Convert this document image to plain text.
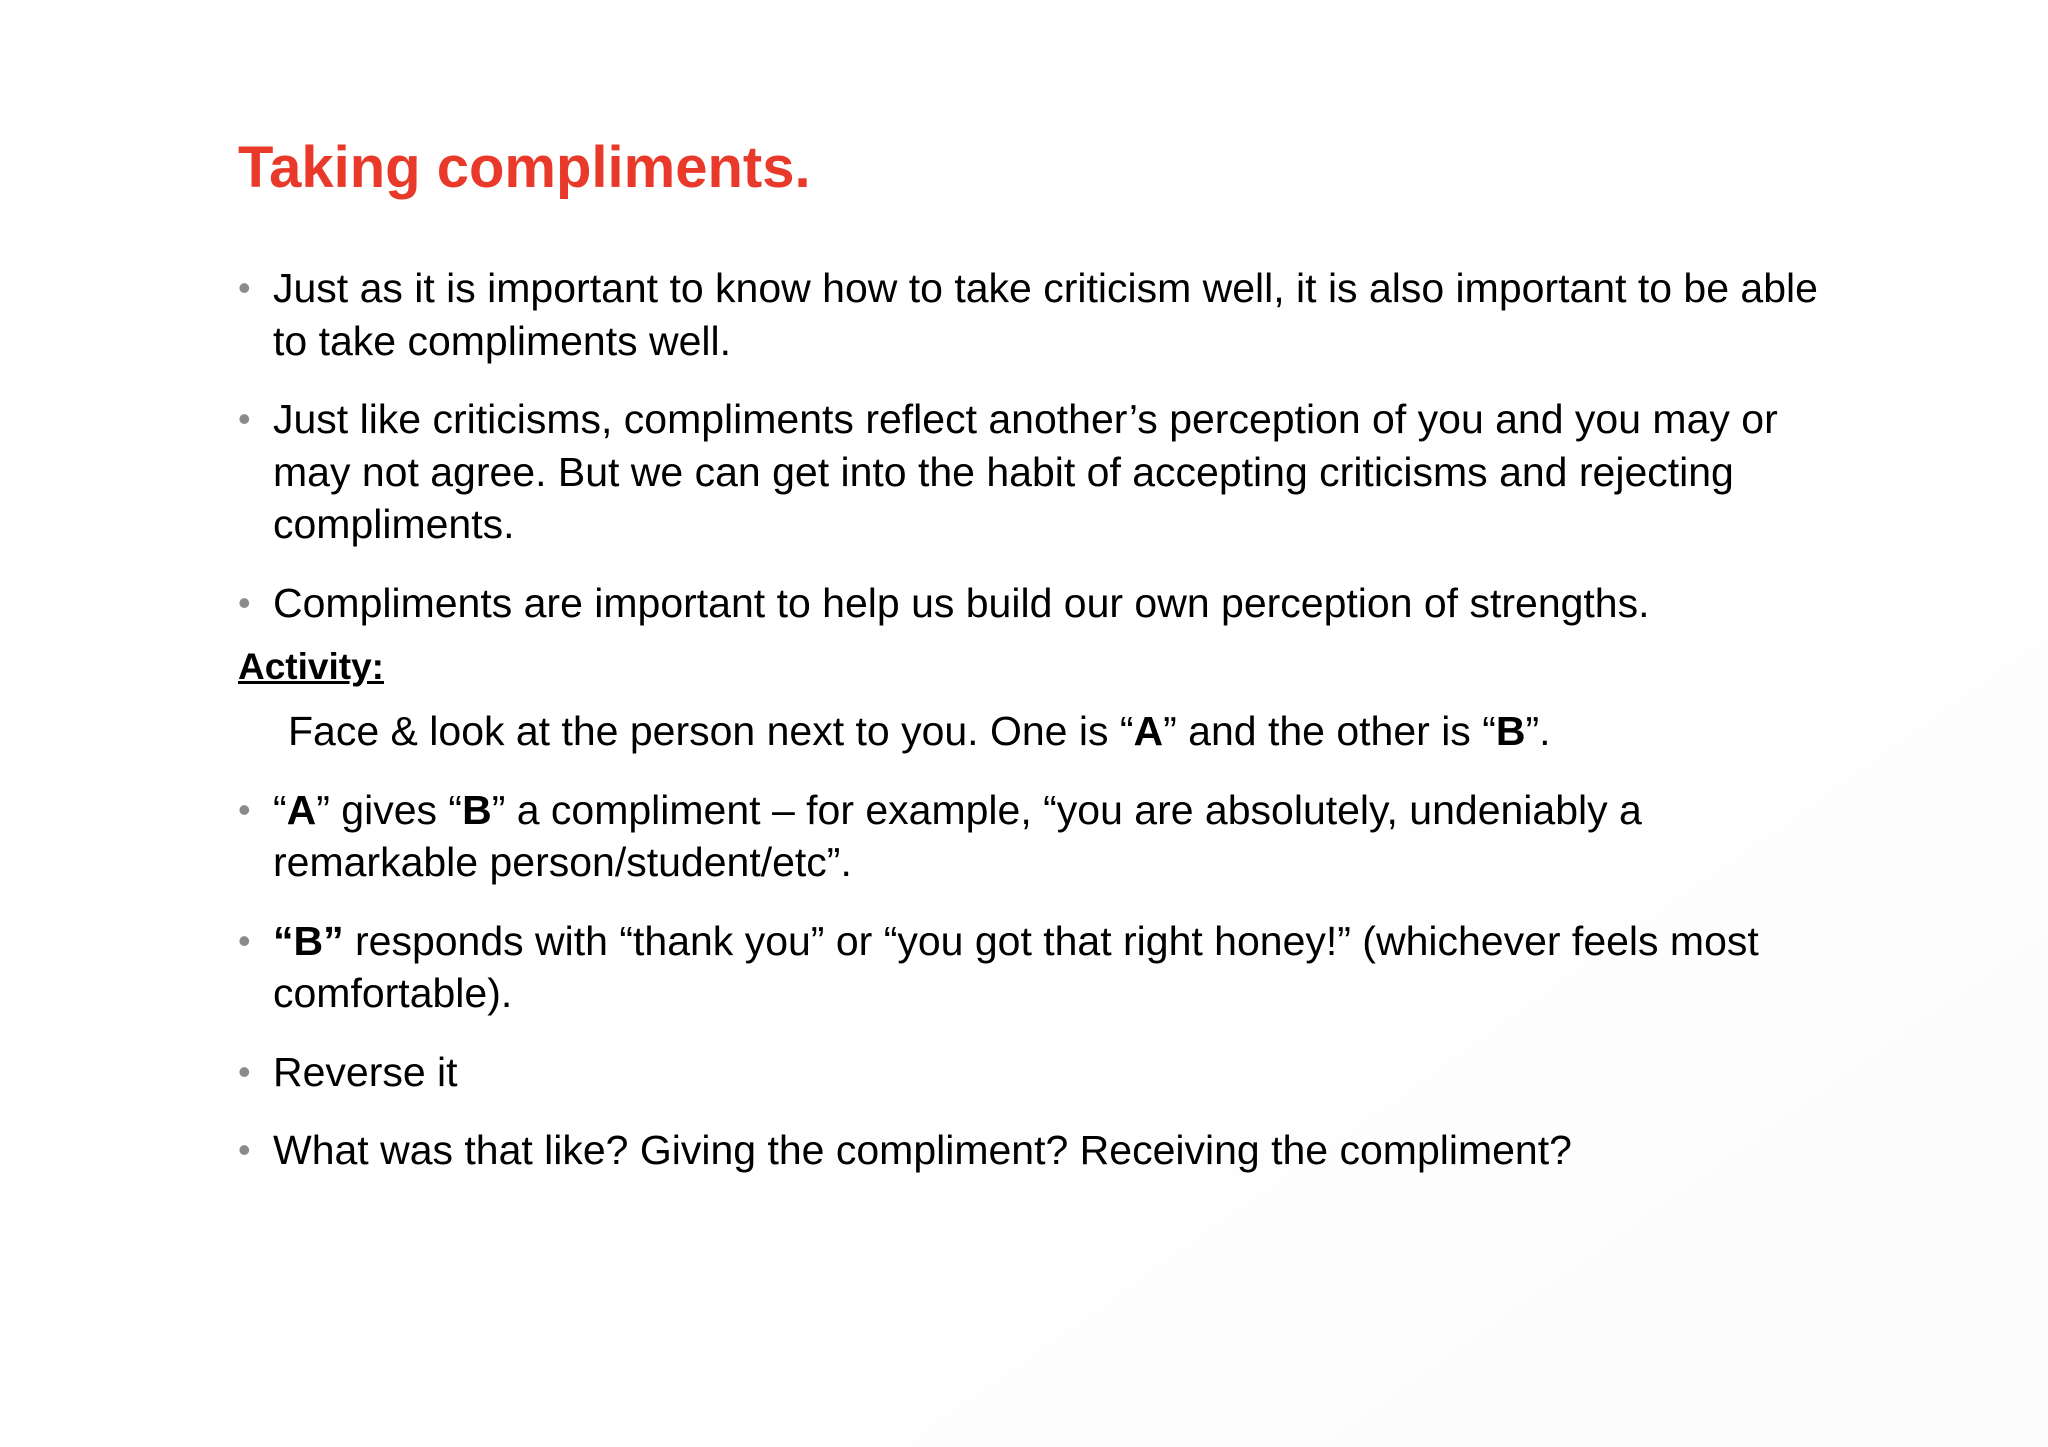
Taking compliments.
• Just as it is important to know how to take criticism well, it is also important to be able to take compliments well.
• Just like criticisms, compliments reflect another’s perception of you and you may or may not agree. But we can get into the habit of accepting criticisms and rejecting compliments.
• Compliments are important to help us build our own perception of strengths.
Activity:
Face & look at the person next to you. One is “A” and the other is “B”.
• “A” gives “B” a compliment – for example, “you are absolutely, undeniably a remarkable person/student/etc”.
• “B” responds with “thank you” or “you got that right honey!” (whichever feels most comfortable).
• Reverse it
• What was that like? Giving the compliment? Receiving the compliment?
